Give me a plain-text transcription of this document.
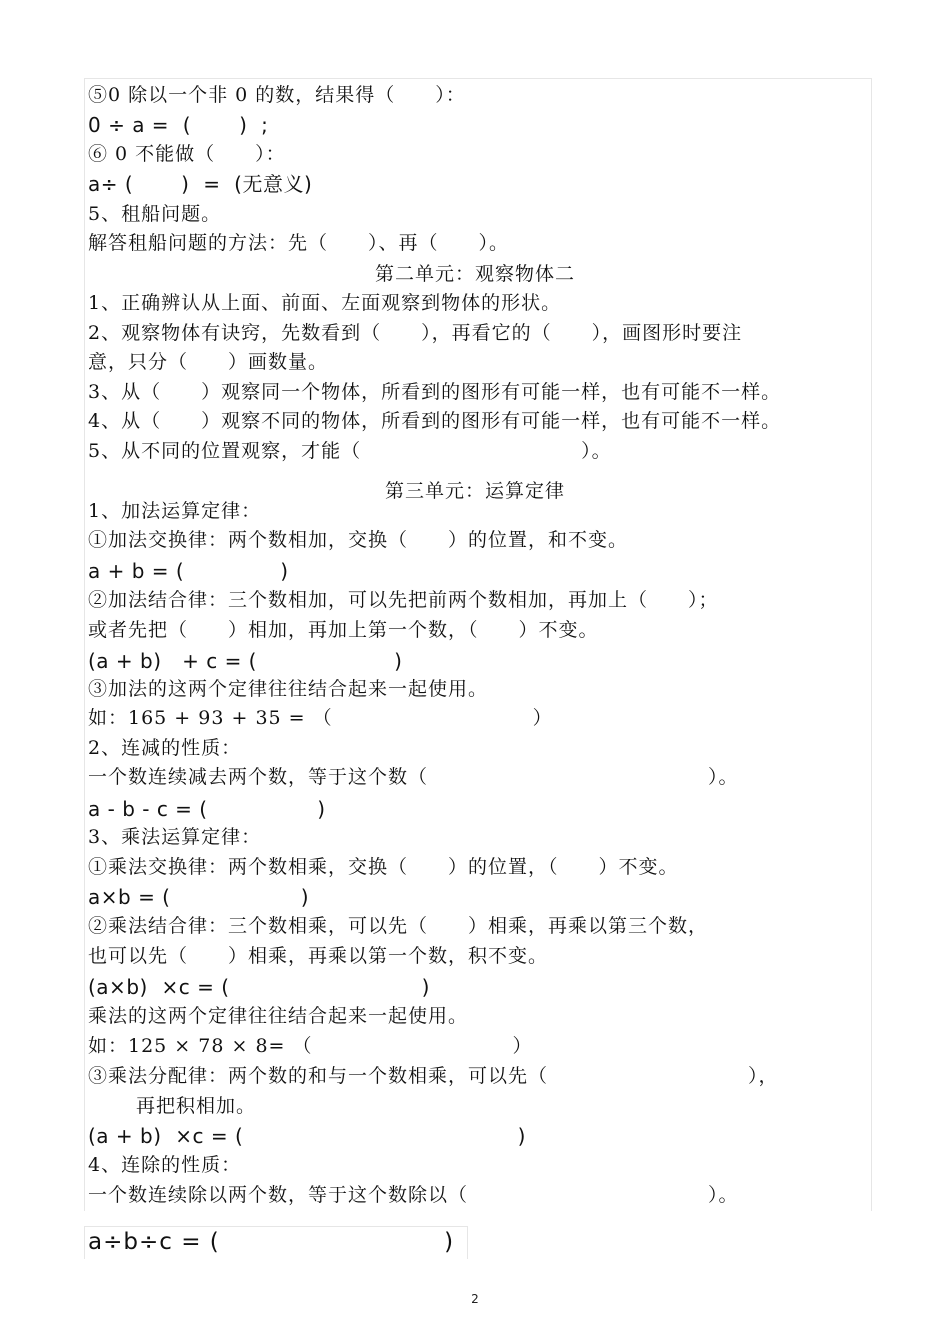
⑤0 除以一个非 0 的数，结果得（　　）：
0 ÷ a =  (       )  ;
⑥ 0 不能做（　　）：
a÷ (       )  =  (无意义)
5、租船问题。
解答租船问题的方法：先（　　）、再（　　）。
第二单元：观察物体二
1、正确辨认从上面、前面、左面观察到物体的形状。
2、观察物体有诀窍，先数看到（　　），再看它的（　　），画图形时要注
意，只分（　　）画数量。
3、从（　　）观察同一个物体，所看到的图形有可能一样，也有可能不一样。
4、从（　　）观察不同的物体，所看到的图形有可能一样，也有可能不一样。
5、从不同的位置观察，才能（　　　　　　　　　　　）。
第三单元：运算定律
1、加法运算定律：
①加法交换律：两个数相加，交换（　　）的位置，和不变。
a + b = (              )
②加法结合律：三个数相加，可以先把前两个数相加，再加上（　　）；
或者先把（　　）相加，再加上第一个数，（　　）不变。
(a + b)   + c = (                    )
③加法的这两个定律往往结合起来一起使用。
如：165 + 93 + 35 = （　　　　　　　　　　）
2、连减的性质：
一个数连续减去两个数，等于这个数（　　　　　　　　　　　　　　）。
a - b - c = (                )
3、乘法运算定律：
①乘法交换律：两个数相乘，交换（　　）的位置，（　　）不变。
a×b = (                   )
②乘法结合律：三个数相乘，可以先（　　）相乘，再乘以第三个数，
也可以先（　　）相乘，再乘以第一个数，积不变。
(a×b)  ×c = (                            )
乘法的这两个定律往往结合起来一起使用。
如：125 × 78 × 8= （　　　　　　　　　　）
③乘法分配律：两个数的和与一个数相乘，可以先（　　　　　　　　　　），
再把积相加。
(a + b)  ×c = (                                        )
4、连除的性质：
一个数连续除以两个数，等于这个数除以（　　　　　　　　　　　　）。
a÷b÷c = (                           )
2
